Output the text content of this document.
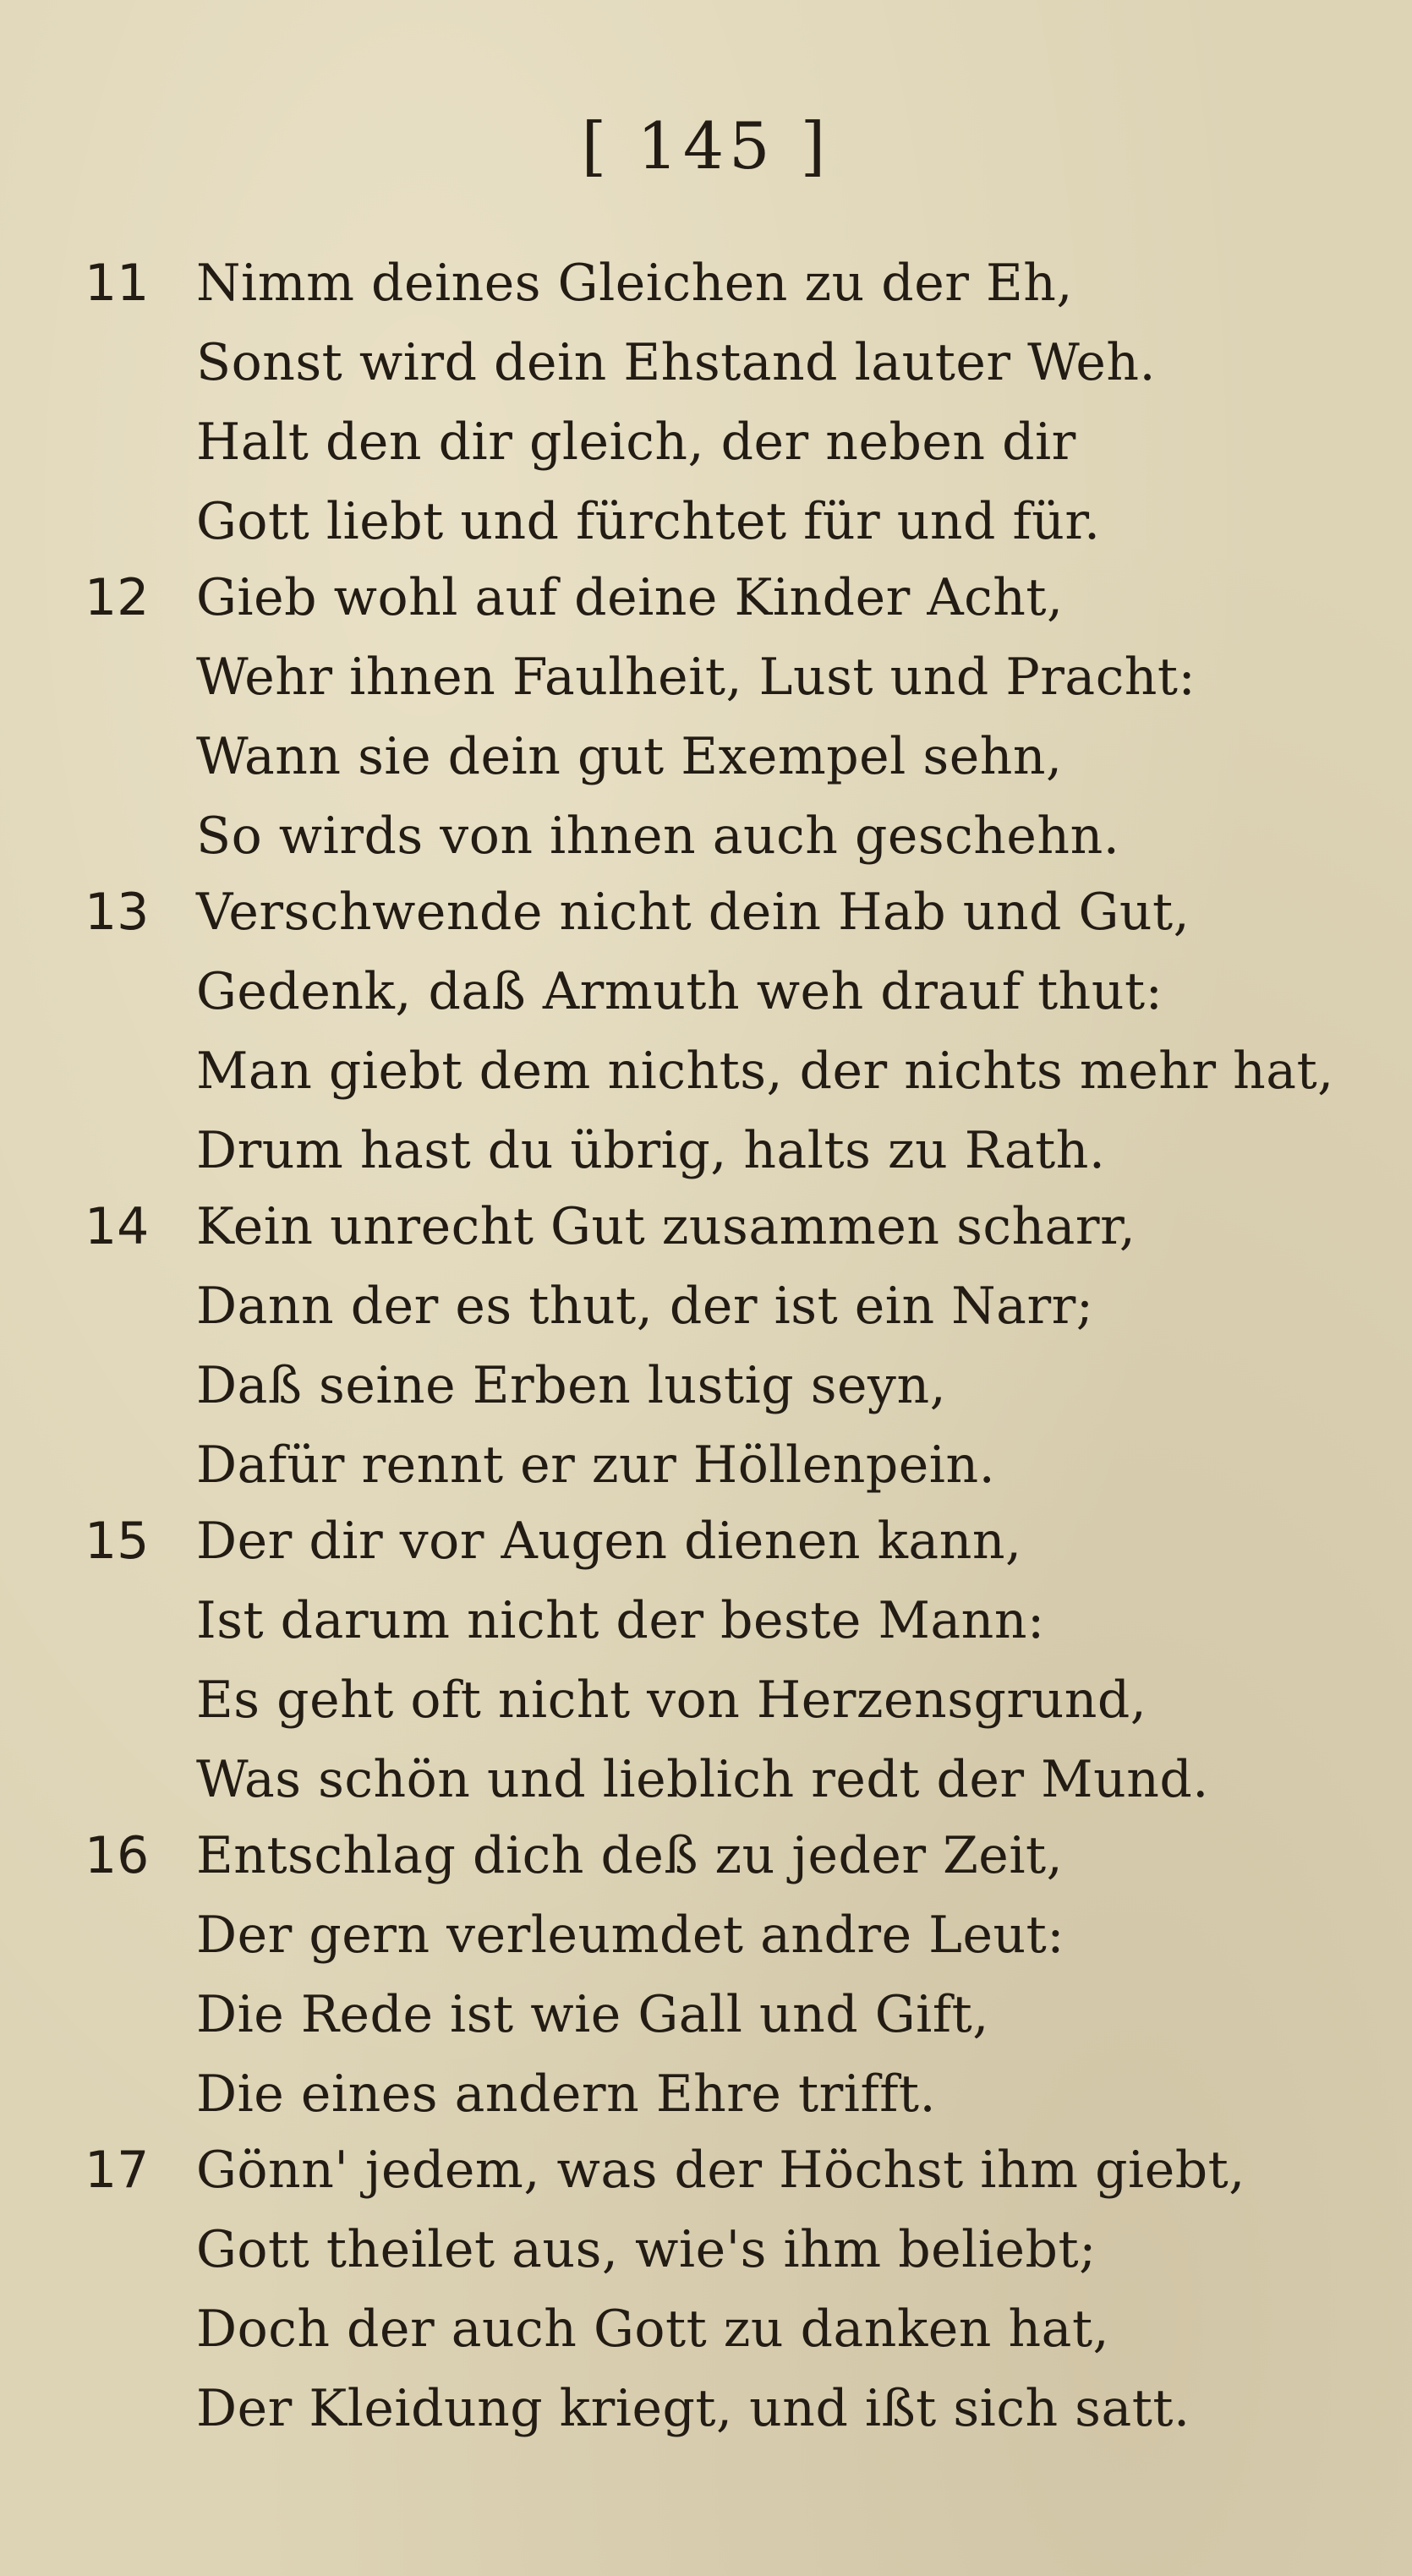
[ 145 ]
11 Nimm deines Gleichen zu der Eh,
Sonst wird dein Ehstand lauter Weh.
Halt den dir gleich, der neben dir
Gott liebt und fürchtet für und für.
12 Gieb wohl auf deine Kinder Acht,
Wehr ihnen Faulheit, Lust und Pracht:
Wann sie dein gut Exempel sehn,
So wirds von ihnen auch geschehn.
13 Verschwende nicht dein Hab und Gut,
Gedenk, daß Armuth weh drauf thut:
Man giebt dem nichts, der nichts mehr hat,
Drum hast du übrig, halts zu Rath.
14 Kein unrecht Gut zusammen scharr,
Dann der es thut, der ist ein Narr;
Daß seine Erben lustig seyn,
Dafür rennt er zur Höllenpein.
15 Der dir vor Augen dienen kann,
Ist darum nicht der beste Mann:
Es geht oft nicht von Herzensgrund,
Was schön und lieblich redt der Mund.
16 Entschlag dich deß zu jeder Zeit,
Der gern verleumdet andre Leut:
Die Rede ist wie Gall und Gift,
Die eines andern Ehre trifft.
17 Gönn' jedem, was der Höchst ihm giebt,
Gott theilet aus, wie's ihm beliebt;
Doch der auch Gott zu danken hat,
Der Kleidung kriegt, und ißt sich satt.
